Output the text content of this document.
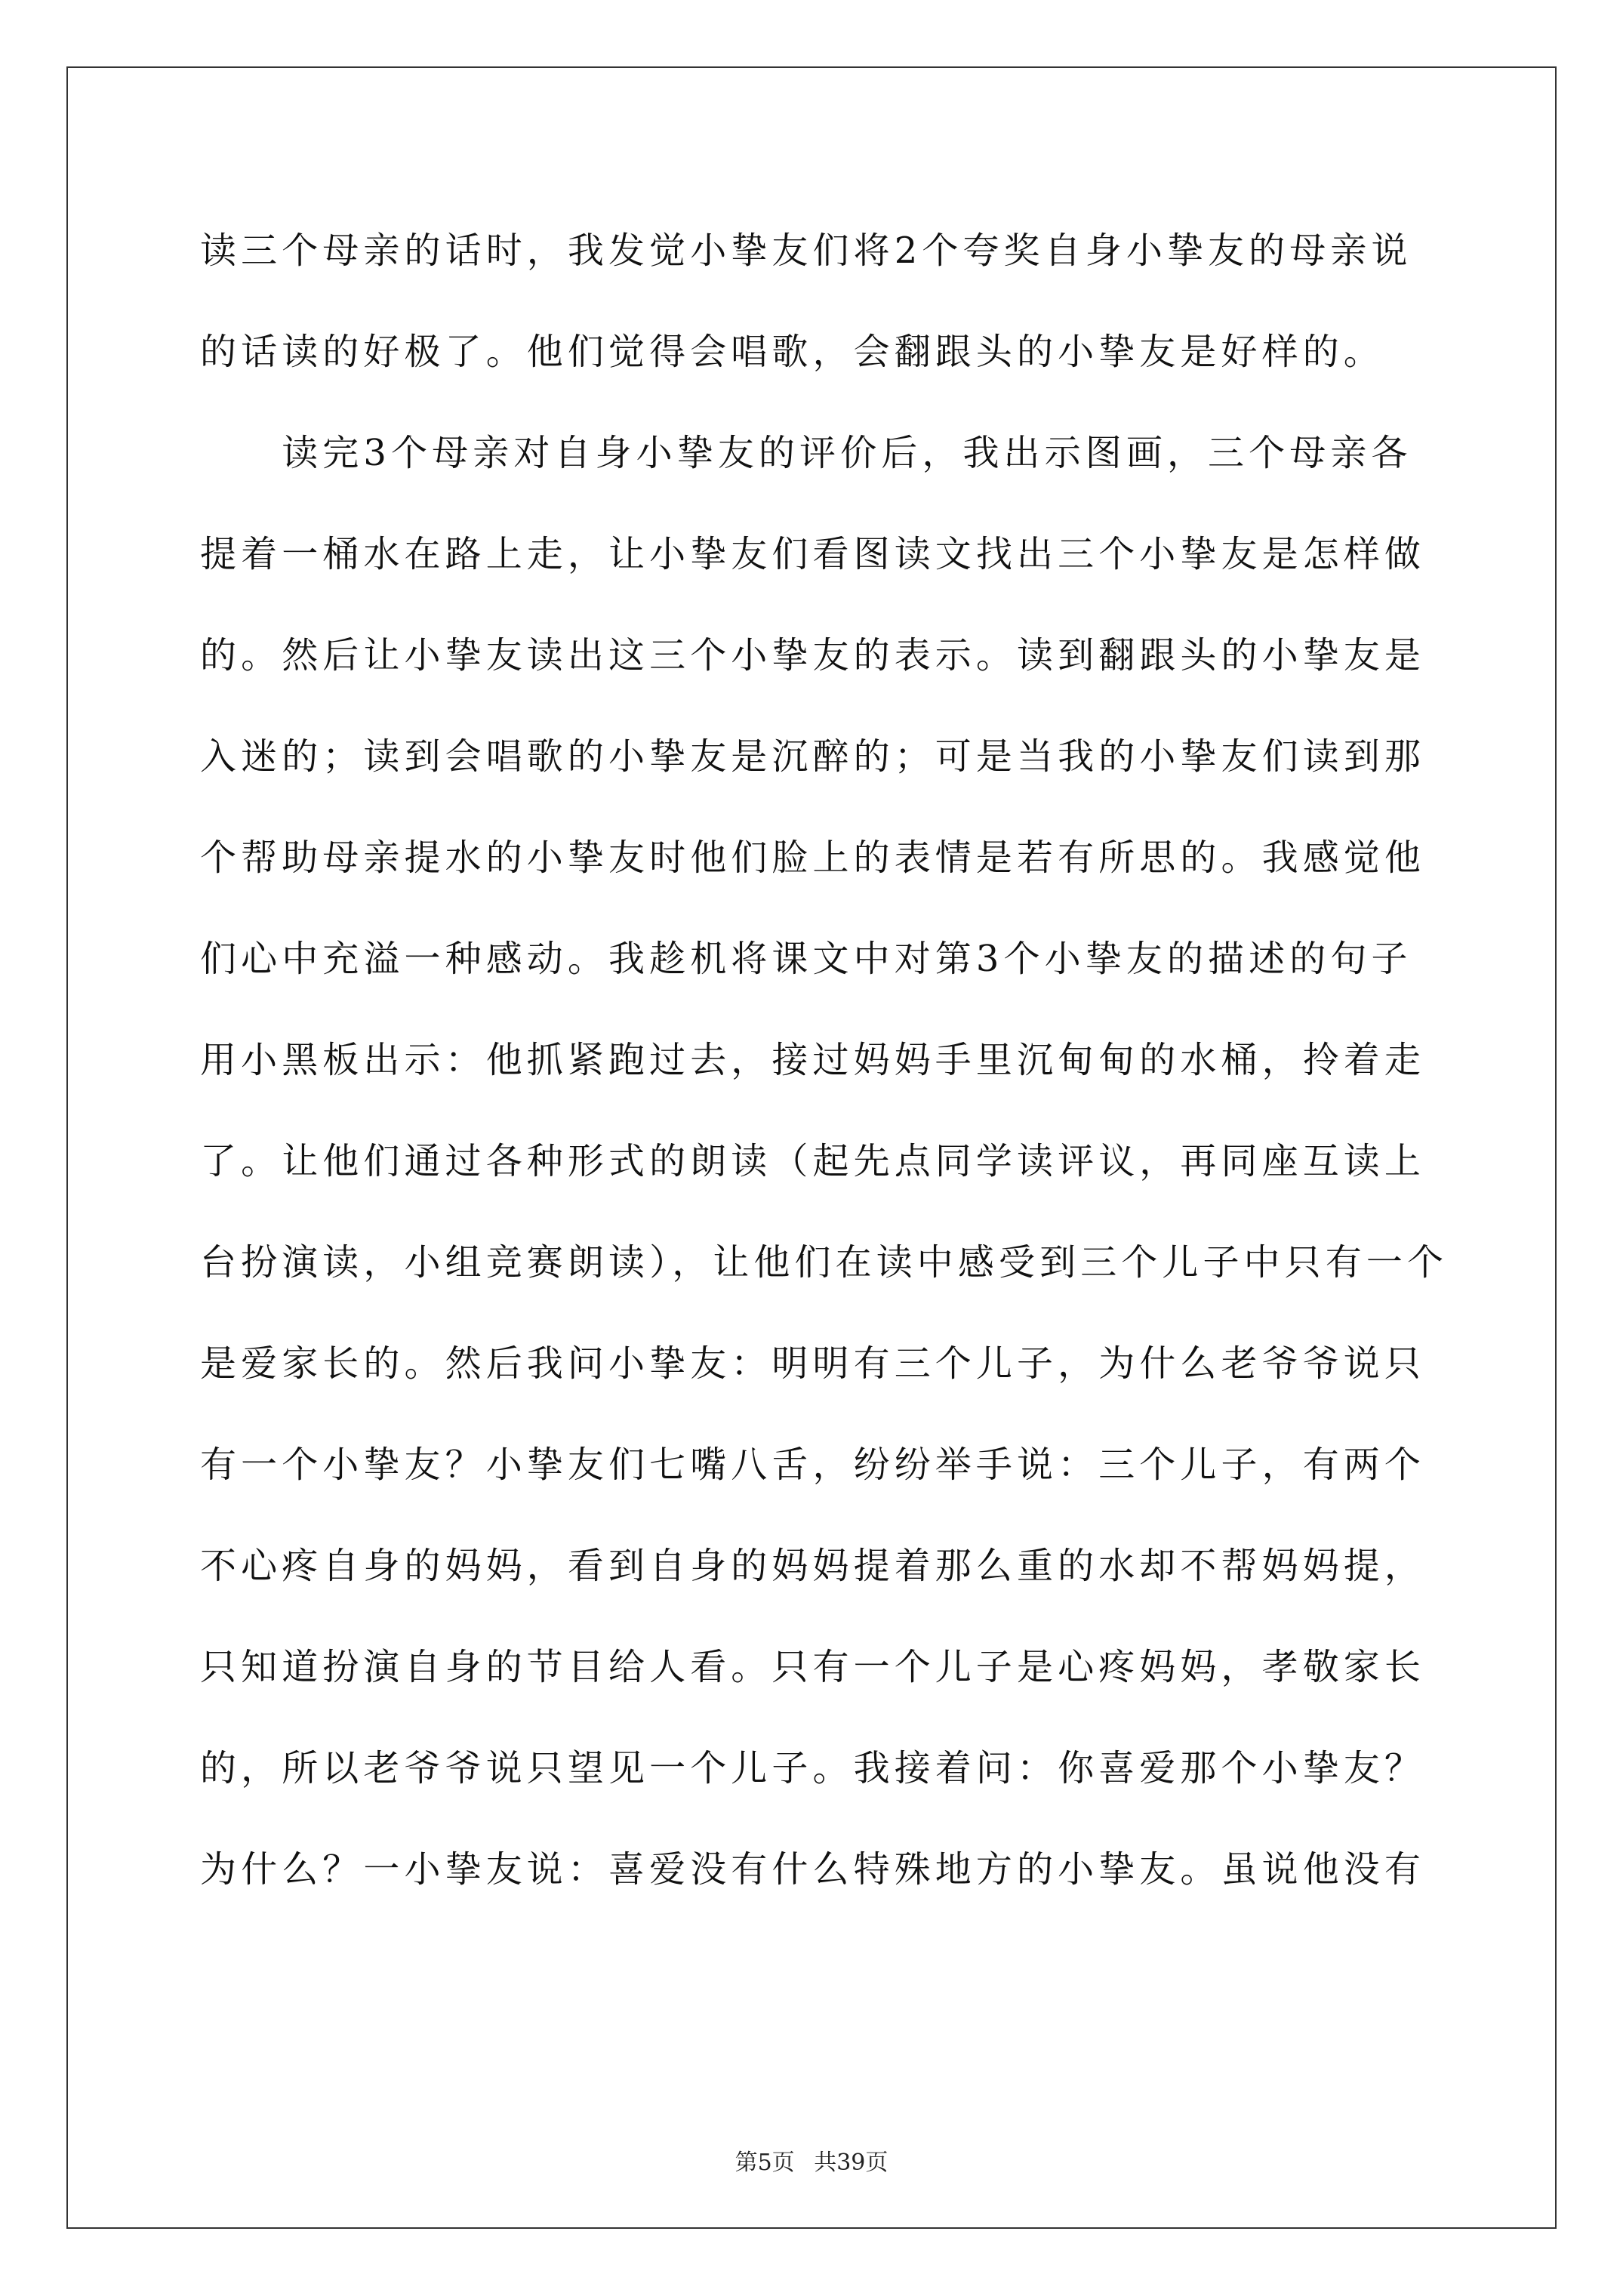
读三个母亲的话时，我发觉小挚友们将2个夸奖自身小挚友的母亲说
的话读的好极了。他们觉得会唱歌，会翻跟头的小挚友是好样的。
　　读完3个母亲对自身小挚友的评价后，我出示图画，三个母亲各
提着一桶水在路上走，让小挚友们看图读文找出三个小挚友是怎样做
的。然后让小挚友读出这三个小挚友的表示。读到翻跟头的小挚友是
入迷的；读到会唱歌的小挚友是沉醉的；可是当我的小挚友们读到那
个帮助母亲提水的小挚友时他们脸上的表情是若有所思的。我感觉他
们心中充溢一种感动。我趁机将课文中对第3个小挚友的描述的句子
用小黑板出示：他抓紧跑过去，接过妈妈手里沉甸甸的水桶，拎着走
了。让他们通过各种形式的朗读（起先点同学读评议，再同座互读上
台扮演读，小组竞赛朗读），让他们在读中感受到三个儿子中只有一个
是爱家长的。然后我问小挚友：明明有三个儿子，为什么老爷爷说只
有一个小挚友？小挚友们七嘴八舌，纷纷举手说：三个儿子，有两个
不心疼自身的妈妈，看到自身的妈妈提着那么重的水却不帮妈妈提，
只知道扮演自身的节目给人看。只有一个儿子是心疼妈妈，孝敬家长
的，所以老爷爷说只望见一个儿子。我接着问：你喜爱那个小挚友？
为什么？一小挚友说：喜爱没有什么特殊地方的小挚友。虽说他没有
第5页 共39页
